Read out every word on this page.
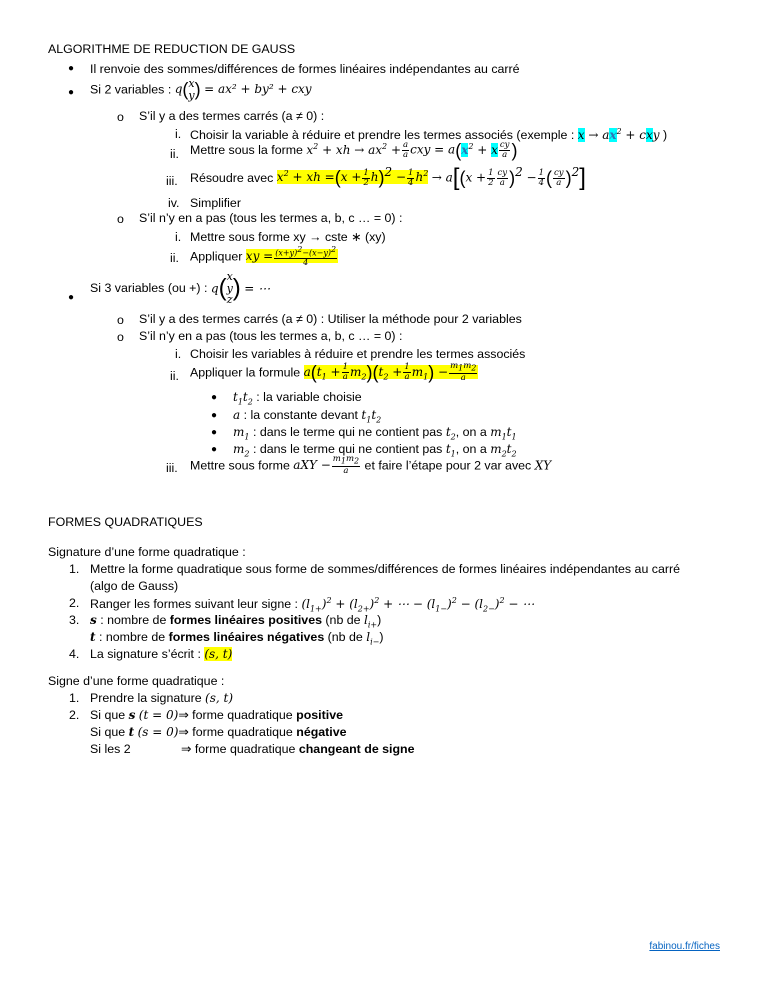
ALGORITHME DE REDUCTION DE GAUSS
● Il renvoie des sommes/différences de formes linéaires indépendantes au carré
● Si 2 variables : q(x
y) = ax² + by² + cxy
o S’il y a des termes carrés (a ≠ 0) :
i. Choisir la variable à réduire et prendre les termes associés (exemple : $x \to ax^2$ + cxy )
ii. Mettre sous la forme $x^2$ + xh → $ax^2 + \frac{a}{a}$ cxy = $a(x^2 + x \frac{cy}{a}$ )
iii. Résoudre avec $x^2$ + xh $=(x + \frac{1}{2} h)^2 - \frac{1}{4} h^2 \to a[(x + \frac{1}{2} \frac{cy}{a} )^2 - \frac{1}{4}$ ( $\frac{cy}{a} )^2$]
iv. Simplifier
o S’il n’y en a pas (tous les termes a, b, c … = 0) :
i. Mettre sous forme xy → cste ∗ (xy)
ii. Appliquer xy = $\frac{(x+y)^2-(x-y)^2}{4}$
●
Si 3 variables (ou +) : q(x
y
z) = ⋯
o S’il y a des termes carrés (a ≠ 0) : Utiliser la méthode pour 2 variables
o S’il n’y en a pas (tous les termes a, b, c … = 0) :
i. Choisir les variables à réduire et prendre les termes associés
ii. Appliquer la formule $a(t_1 + \frac{1}{a} m_2)(t_2 + \frac{1}{a} m_1) - \frac{m_1m_2}{a}$
● $t_1t_2$ : la variable choisie
● a : la constante devant $t_1t_2$
● $m_1$ : dans le terme qui ne contient pas $t_2$, on a $m_1t_1$
● $m_2$ : dans le terme qui ne contient pas $t_1$, on a $m_2t_2$
iii. Mettre sous forme aXY − $\frac{m_1m_2}{a}$ et faire l’étape pour 2 var avec XY
FORMES QUADRATIQUES
Signature d’une forme quadratique :
1. Mettre la forme quadratique sous forme de sommes/différences de formes linéaires indépendantes au carré
(algo de Gauss)
2. Ranger les formes suivant leur signe : $(l_{1+})^2 + (l_{2+})^2$ + ⋯ − $(l_{1-})^2 - (l_{2-})^2$ − ⋯
3. s : nombre de formes linéaires positives (nb de $l_{i+}$)
t : nombre de formes linéaires négatives (nb de $l_{i-}$)
4. La signature s’écrit : (s, t)
Signe d’une forme quadratique :
1. Prendre la signature (s, t)
2. Si que s (t = 0)⇒ forme quadratique positive
Si que t (s = 0)⇒ forme quadratique négative
Si les 2	⇒ forme quadratique changeant de signe
fabinou.fr/fiches
